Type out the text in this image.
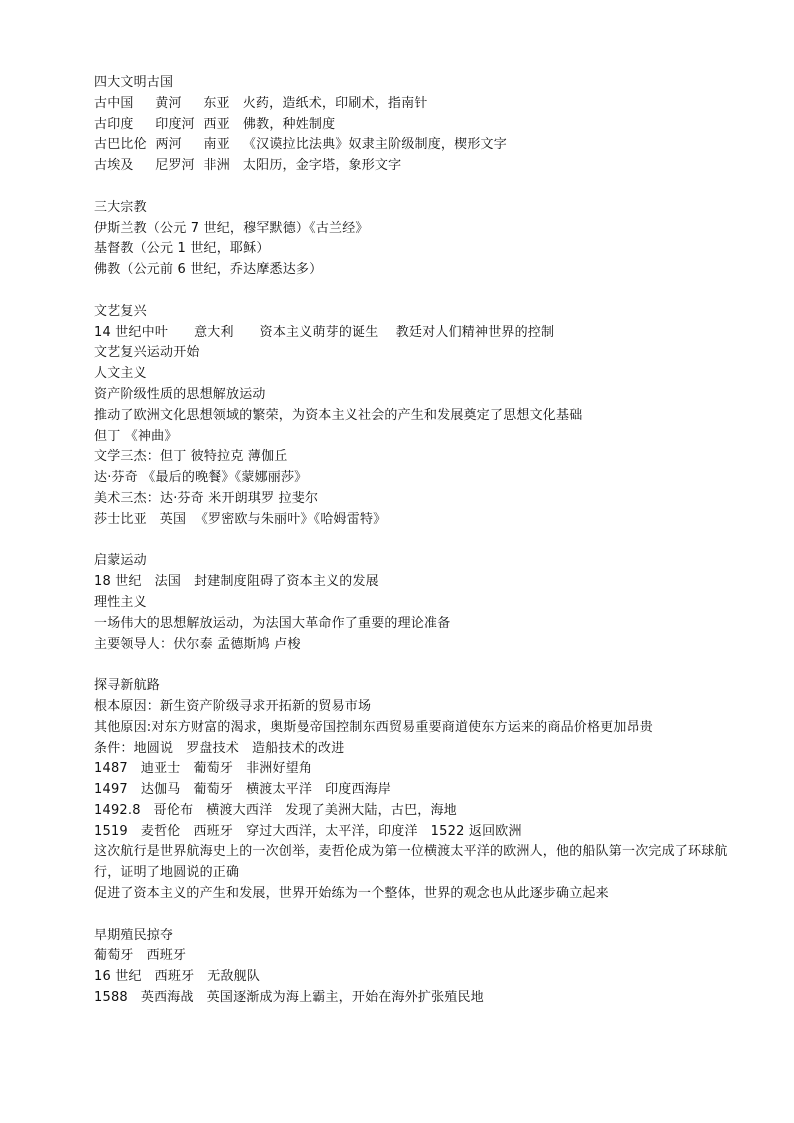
四大文明古国
古中国     黄河     东亚   火药，造纸术，印刷术，指南针
古印度     印度河  西亚   佛教，种姓制度
古巴比伦  两河     南亚   《汉谟拉比法典》奴隶主阶级制度，楔形文字
古埃及     尼罗河  非洲   太阳历，金字塔，象形文字
三大宗教
伊斯兰教（公元 7 世纪，穆罕默德）《古兰经》
基督教（公元 1 世纪，耶稣）
佛教（公元前 6 世纪，乔达摩悉达多）
文艺复兴
14 世纪中叶      意大利      资本主义萌芽的诞生    教廷对人们精神世界的控制
文艺复兴运动开始
人文主义
资产阶级性质的思想解放运动
推动了欧洲文化思想领域的繁荣，为资本主义社会的产生和发展奠定了思想文化基础
但丁 《神曲》
文学三杰：但丁 彼特拉克 薄伽丘
达·芬奇 《最后的晚餐》《蒙娜丽莎》
美术三杰：达·芬奇 米开朗琪罗 拉斐尔
莎士比亚   英国  《罗密欧与朱丽叶》《哈姆雷特》
启蒙运动
18 世纪   法国   封建制度阻碍了资本主义的发展
理性主义
一场伟大的思想解放运动，为法国大革命作了重要的理论准备
主要领导人：伏尔泰 孟德斯鸠 卢梭
探寻新航路
根本原因：新生资产阶级寻求开拓新的贸易市场
其他原因:对东方财富的渴求，奥斯曼帝国控制东西贸易重要商道使东方运来的商品价格更加昂贵
条件：地圆说   罗盘技术   造船技术的改进
1487   迪亚士   葡萄牙   非洲好望角
1497   达伽马   葡萄牙   横渡太平洋   印度西海岸
1492.8   哥伦布   横渡大西洋   发现了美洲大陆，古巴，海地
1519   麦哲伦   西班牙   穿过大西洋，太平洋，印度洋   1522 返回欧洲
这次航行是世界航海史上的一次创举，麦哲伦成为第一位横渡太平洋的欧洲人，他的船队第一次完成了环球航行，证明了地圆说的正确
促进了资本主义的产生和发展，世界开始练为一个整体，世界的观念也从此逐步确立起来
早期殖民掠夺
葡萄牙   西班牙
16 世纪   西班牙   无敌舰队
1588   英西海战   英国逐渐成为海上霸主，开始在海外扩张殖民地
